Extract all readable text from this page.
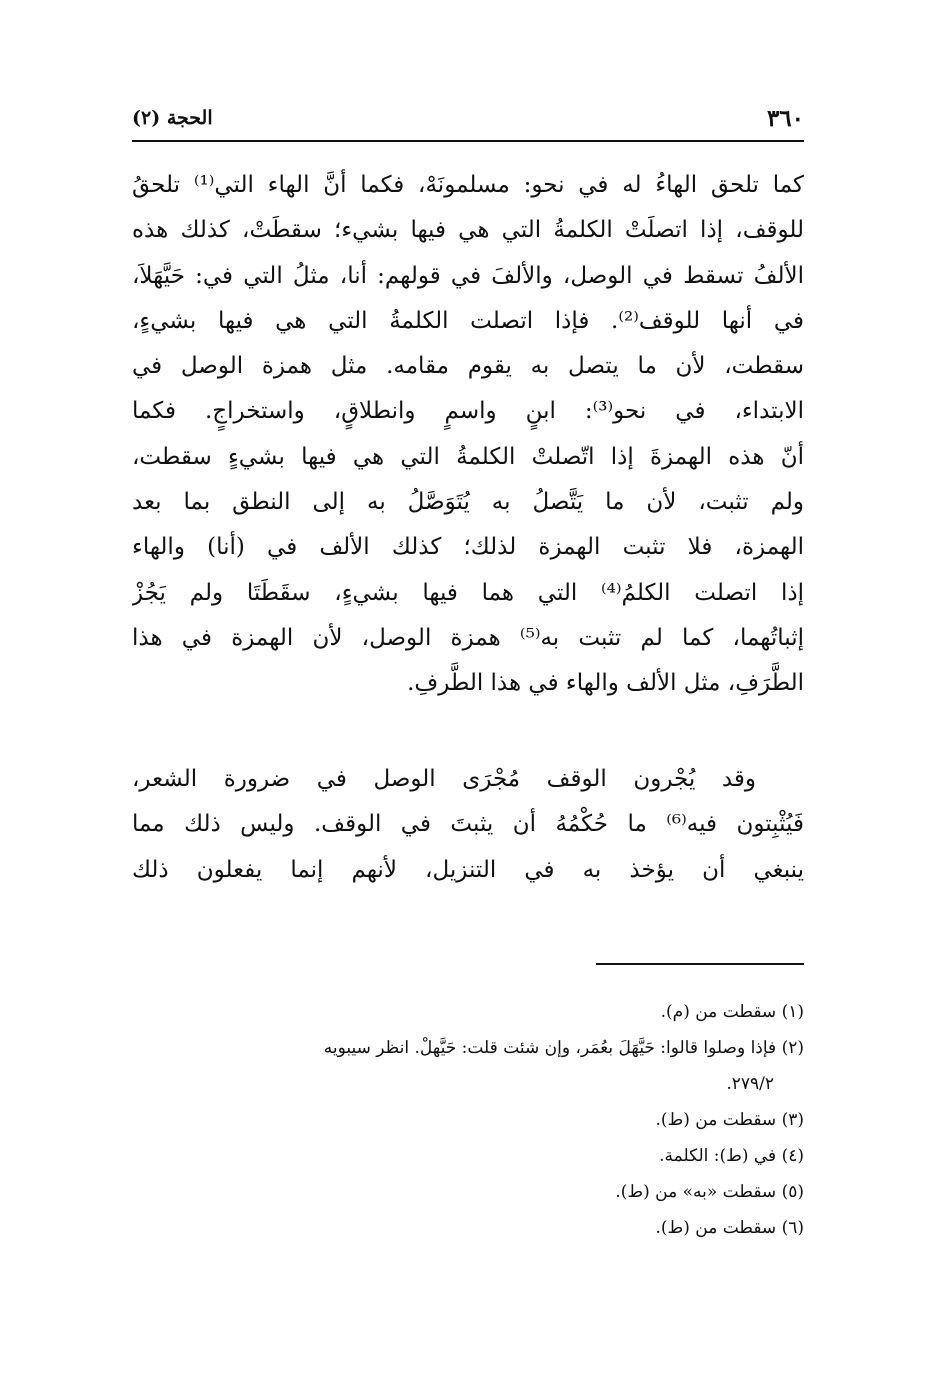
٣٦٠
الحجة (٢)
كما تلحق الهاءُ له في نحو: مسلمونَهْ، فكما أنَّ الهاء التي⁽¹⁾ تلحقُ
للوقف، إذا اتصلَتْ الكلمةُ التي هي فيها بشيء؛ سقطَتْ، كذلك هذه
الألفُ تسقط في الوصل، والألفَ في قولهم: أنا، مثلُ التي في: حَيَّهَلاَ،
في أنها للوقف⁽²⁾. فإذا اتصلت الكلمةُ التي هي فيها بشيءٍ،
سقطت، لأن ما يتصل به يقوم مقامه. مثل همزة الوصل في
الابتداء، في نحو⁽³⁾: ابنٍ واسمٍ وانطلاقٍ، واستخراجٍ. فكما
أنّ هذه الهمزةَ إذا اتّصلتْ الكلمةُ التي هي فيها بشيءٍ سقطت،
ولم تثبت، لأن ما يَتَّصلُ به يُتَوَصَّلُ به إلى النطق بما بعد
الهمزة، فلا تثبت الهمزة لذلك؛ كذلك الألف في (أنا) والهاء
إذا اتصلت الكلمُ⁽⁴⁾ التي هما فيها بشيءٍ، سقَطَتَا ولم يَجُزْ
إثباتُهما، كما لم تثبت به⁽⁵⁾ همزة الوصل، لأن الهمزة في هذا
الطَّرَفِ، مثل الألف والهاء في هذا الطَّرفِ.
وقد يُجْرون الوقف مُجْرَى الوصل في ضرورة الشعر،
فَيُثْبِتون فيه⁽⁶⁾ ما حُكْمُهُ أن يثبتَ في الوقف. وليس ذلك مما
ينبغي أن يؤخذ به في التنزيل، لأنهم إنما يفعلون ذلك
(١) سقطت من (م).
(٢) فإذا وصلوا قالوا: حَيَّهَلَ بعُمَر، وإن شئت قلت: حَيَّهلْ. انظر سيبويه
٢٧٩/٢.
(٣) سقطت من (ط).
(٤) في (ط): الكلمة.
(٥) سقطت «به» من (ط).
(٦) سقطت من (ط).
